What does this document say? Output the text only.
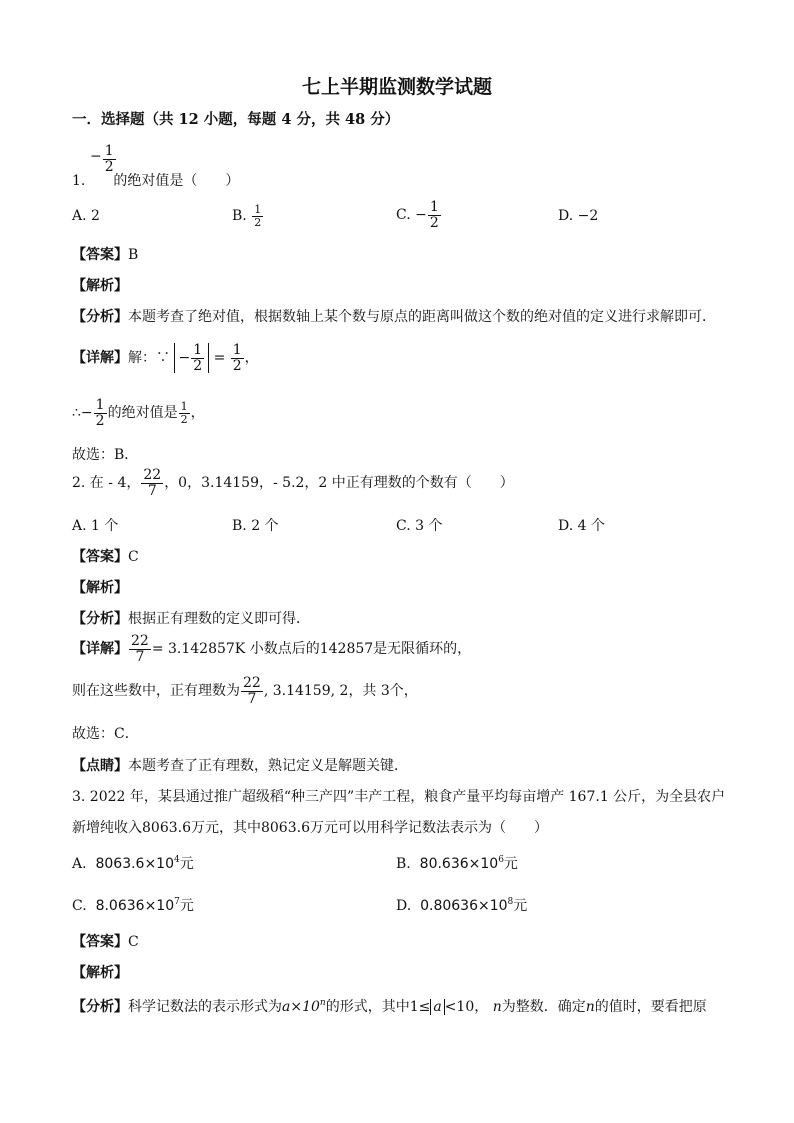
七上半期监测数学试题
一．选择题（共 12 小题，每题 4 分，共 48 分）
− $\frac{1}{2}$
1. 的绝对值是（　　）
A. 2	B. $\frac{1}{2}$	C. − $\frac{1}{2}$	D. −2
【答案】B
【解析】
【分析】本题考查了绝对值，根据数轴上某个数与原点的距离叫做这个数的绝对值的定义进行求解即可．
【详解】解：∵ − $\frac{1}{2} = \frac{1}{2}$ ，
∴− $\frac{1}{2}$ 的绝对值是 $\frac{1}{2}$ ，
故选：B．
2. 在 - 4， $\frac{22}{7}$ ，0，3.14159，- 5.2，2 中正有理数的个数有（　　）
A. 1 个	B. 2 个	C. 3 个	D. 4 个
【答案】C
【解析】
【分析】根据正有理数的定义即可得．
【详解】 $\frac{22}{7} = 3.142857K$ 小数点后的142857是无限循环的，
则在这些数中，正有理数为 $\frac{22}{7}$ , 3.14159, 2，共 3个，
故选：C．
【点睛】本题考查了正有理数，熟记定义是解题关键．
3. 2022 年，某县通过推广超级稻“种三产四”丰产工程，粮食产量平均每亩增产 167.1 公斤，为全县农户
新增纯收入8063.6万元，其中8063.6万元可以用科学记数法表示为（　　）
A. $8063.6\times 10^4$元	B. $80.636\times 10^6$元
C. $8.0636\times 10^7$元	D. $0.80636\times 10^8$元
【答案】C
【解析】
【分析】科学记数法的表示形式为$a\times 10^n$的形式，其中1≤ a <10， n为整数．确定n的值时，要看把原
